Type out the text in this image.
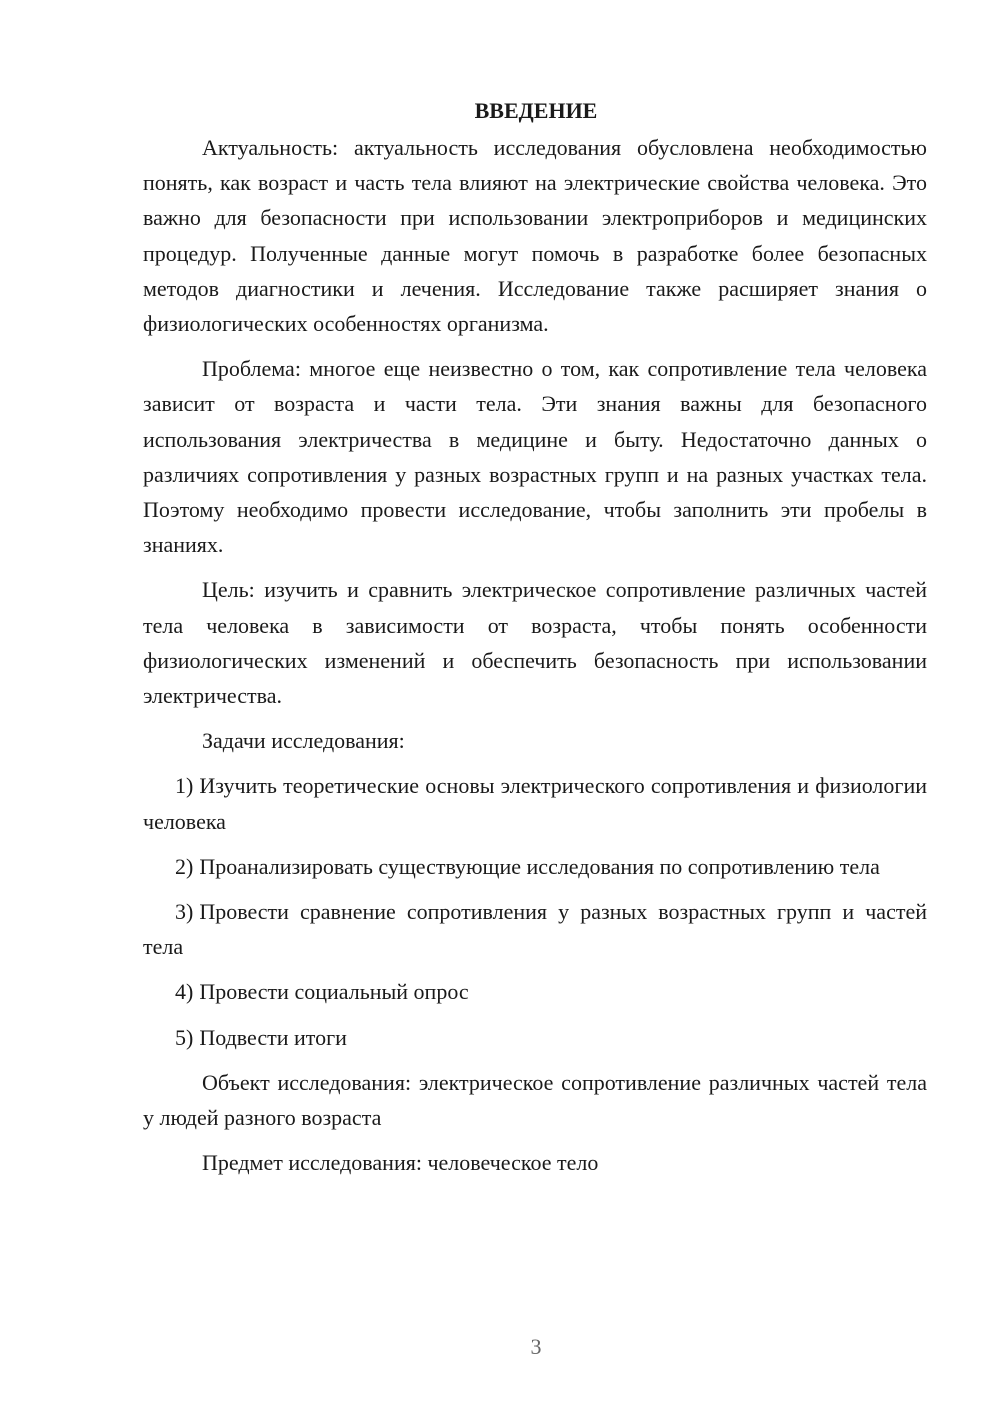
ВВЕДЕНИЕ

Актуальность: актуальность исследования обусловлена необходимостью понять, как возраст и часть тела влияют на электрические свойства человека. Это важно для безопасности при использовании электроприборов и медицинских процедур. Полученные данные могут помочь в разработке более безопасных методов диагностики и лечения. Исследование также расширяет знания о физиологических особенностях организма.

Проблема: многое еще неизвестно о том, как сопротивление тела человека зависит от возраста и части тела. Эти знания важны для безопасного использования электричества в медицине и быту. Недостаточно данных о различиях сопротивления у разных возрастных групп и на разных участках тела. Поэтому необходимо провести исследование, чтобы заполнить эти пробелы в знаниях.

Цель: изучить и сравнить электрическое сопротивление различных частей тела человека в зависимости от возраста, чтобы понять особенности физиологических изменений и обеспечить безопасность при использовании электричества.

Задачи исследования:

1) Изучить теоретические основы электрического сопротивления и физиологии человека

2) Проанализировать существующие исследования по сопротивлению тела

3) Провести сравнение сопротивления у разных возрастных групп и частей тела

4) Провести социальный опрос

5) Подвести итоги

Объект исследования: электрическое сопротивление различных частей тела у людей разного возраста

Предмет исследования: человеческое тело

3
